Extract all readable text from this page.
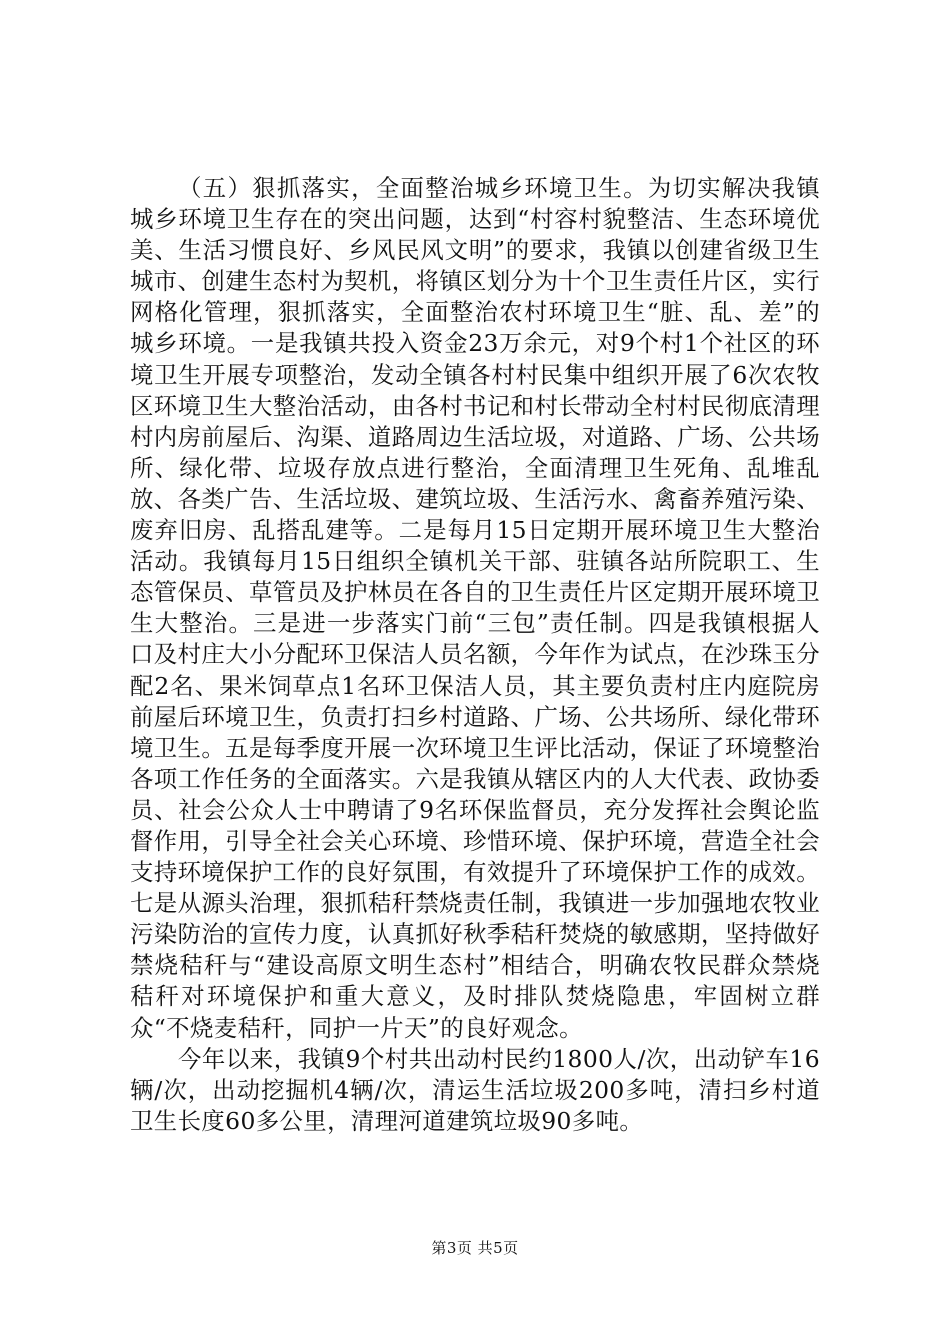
（五）狠抓落实，全面整治城乡环境卫生。为切实解决我镇城乡环境卫生存在的突出问题，达到“村容村貌整洁、生态环境优美、生活习惯良好、乡风民风文明”的要求，我镇以创建省级卫生城市、创建生态村为契机，将镇区划分为十个卫生责任片区，实行网格化管理，狠抓落实，全面整治农村环境卫生“脏、乱、差”的城乡环境。一是我镇共投入资金23万余元，对9个村1个社区的环境卫生开展专项整治，发动全镇各村村民集中组织开展了6次农牧区环境卫生大整治活动，由各村书记和村长带动全村村民彻底清理村内房前屋后、沟渠、道路周边生活垃圾，对道路、广场、公共场所、绿化带、垃圾存放点进行整治，全面清理卫生死角、乱堆乱放、各类广告、生活垃圾、建筑垃圾、生活污水、禽畜养殖污染、废弃旧房、乱搭乱建等。二是每月15日定期开展环境卫生大整治活动。我镇每月15日组织全镇机关干部、驻镇各站所院职工、生态管保员、草管员及护林员在各自的卫生责任片区定期开展环境卫生大整治。三是进一步落实门前“三包”责任制。四是我镇根据人口及村庄大小分配环卫保洁人员名额，今年作为试点，在沙珠玉分配2名、果米饲草点1名环卫保洁人员，其主要负责村庄内庭院房前屋后环境卫生，负责打扫乡村道路、广场、公共场所、绿化带环境卫生。五是每季度开展一次环境卫生评比活动，保证了环境整治各项工作任务的全面落实。六是我镇从辖区内的人大代表、政协委员、社会公众人士中聘请了9名环保监督员，充分发挥社会舆论监督作用，引导全社会关心环境、珍惜环境、保护环境，营造全社会支持环境保护工作的良好氛围，有效提升了环境保护工作的成效。七是从源头治理，狠抓秸秆禁烧责任制，我镇进一步加强地农牧业污染防治的宣传力度，认真抓好秋季秸秆焚烧的敏感期，坚持做好禁烧秸秆与“建设高原文明生态村”相结合，明确农牧民群众禁烧秸秆对环境保护和重大意义，及时排队焚烧隐患，牢固树立群众“不烧麦秸秆，同护一片天”的良好观念。

今年以来，我镇9个村共出动村民约1800人/次，出动铲车16辆/次，出动挖掘机4辆/次，清运生活垃圾200多吨，清扫乡村道卫生长度60多公里，清理河道建筑垃圾90多吨。

第3页 共5页
